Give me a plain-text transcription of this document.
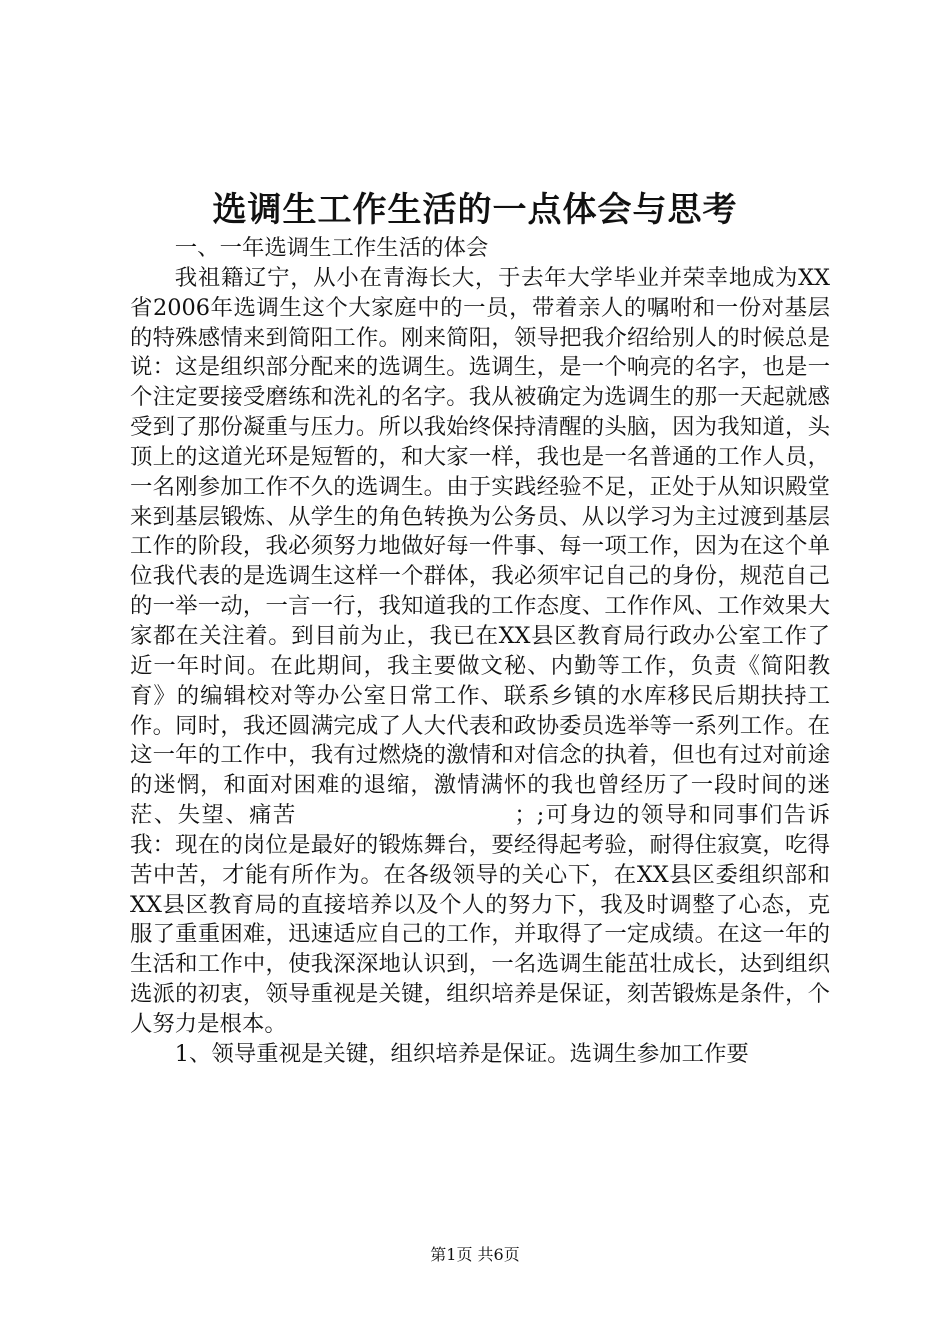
选调生工作生活的一点体会与思考

一、一年选调生工作生活的体会

我祖籍辽宁，从小在青海长大，于去年大学毕业并荣幸地成为XX省2006年选调生这个大家庭中的一员，带着亲人的嘱咐和一份对基层的特殊感情来到简阳工作。刚来简阳，领导把我介绍给别人的时候总是说：这是组织部分配来的选调生。选调生，是一个响亮的名字，也是一个注定要接受磨练和洗礼的名字。我从被确定为选调生的那一天起就感受到了那份凝重与压力。所以我始终保持清醒的头脑，因为我知道，头顶上的这道光环是短暂的，和大家一样，我也是一名普通的工作人员，一名刚参加工作不久的选调生。由于实践经验不足，正处于从知识殿堂来到基层锻炼、从学生的角色转换为公务员、从以学习为主过渡到基层工作的阶段，我必须努力地做好每一件事、每一项工作，因为在这个单位我代表的是选调生这样一个群体，我必须牢记自己的身份，规范自己的一举一动，一言一行，我知道我的工作态度、工作作风、工作效果大家都在关注着。到目前为止，我已在XX县区教育局行政办公室工作了近一年时间。在此期间，我主要做文秘、内勤等工作，负责《简阳教育》的编辑校对等办公室日常工作、联系乡镇的水库移民后期扶持工作。同时，我还圆满完成了人大代表和政协委员选举等一系列工作。在这一年的工作中，我有过燃烧的激情和对信念的执着，但也有过对前途的迷惘，和面对困难的退缩，激情满怀的我也曾经历了一段时间的迷茫、失望、痛苦	；;可身边的领导和同事们告诉我：现在的岗位是最好的锻炼舞台，要经得起考验，耐得住寂寞，吃得苦中苦，才能有所作为。在各级领导的关心下，在XX县区委组织部和XX县区教育局的直接培养以及个人的努力下，我及时调整了心态，克服了重重困难，迅速适应自己的工作，并取得了一定成绩。在这一年的生活和工作中，使我深深地认识到，一名选调生能茁壮成长，达到组织选派的初衷，领导重视是关键，组织培养是保证，刻苦锻炼是条件，个人努力是根本。

1、领导重视是关键，组织培养是保证。选调生参加工作要

第1页 共6页
